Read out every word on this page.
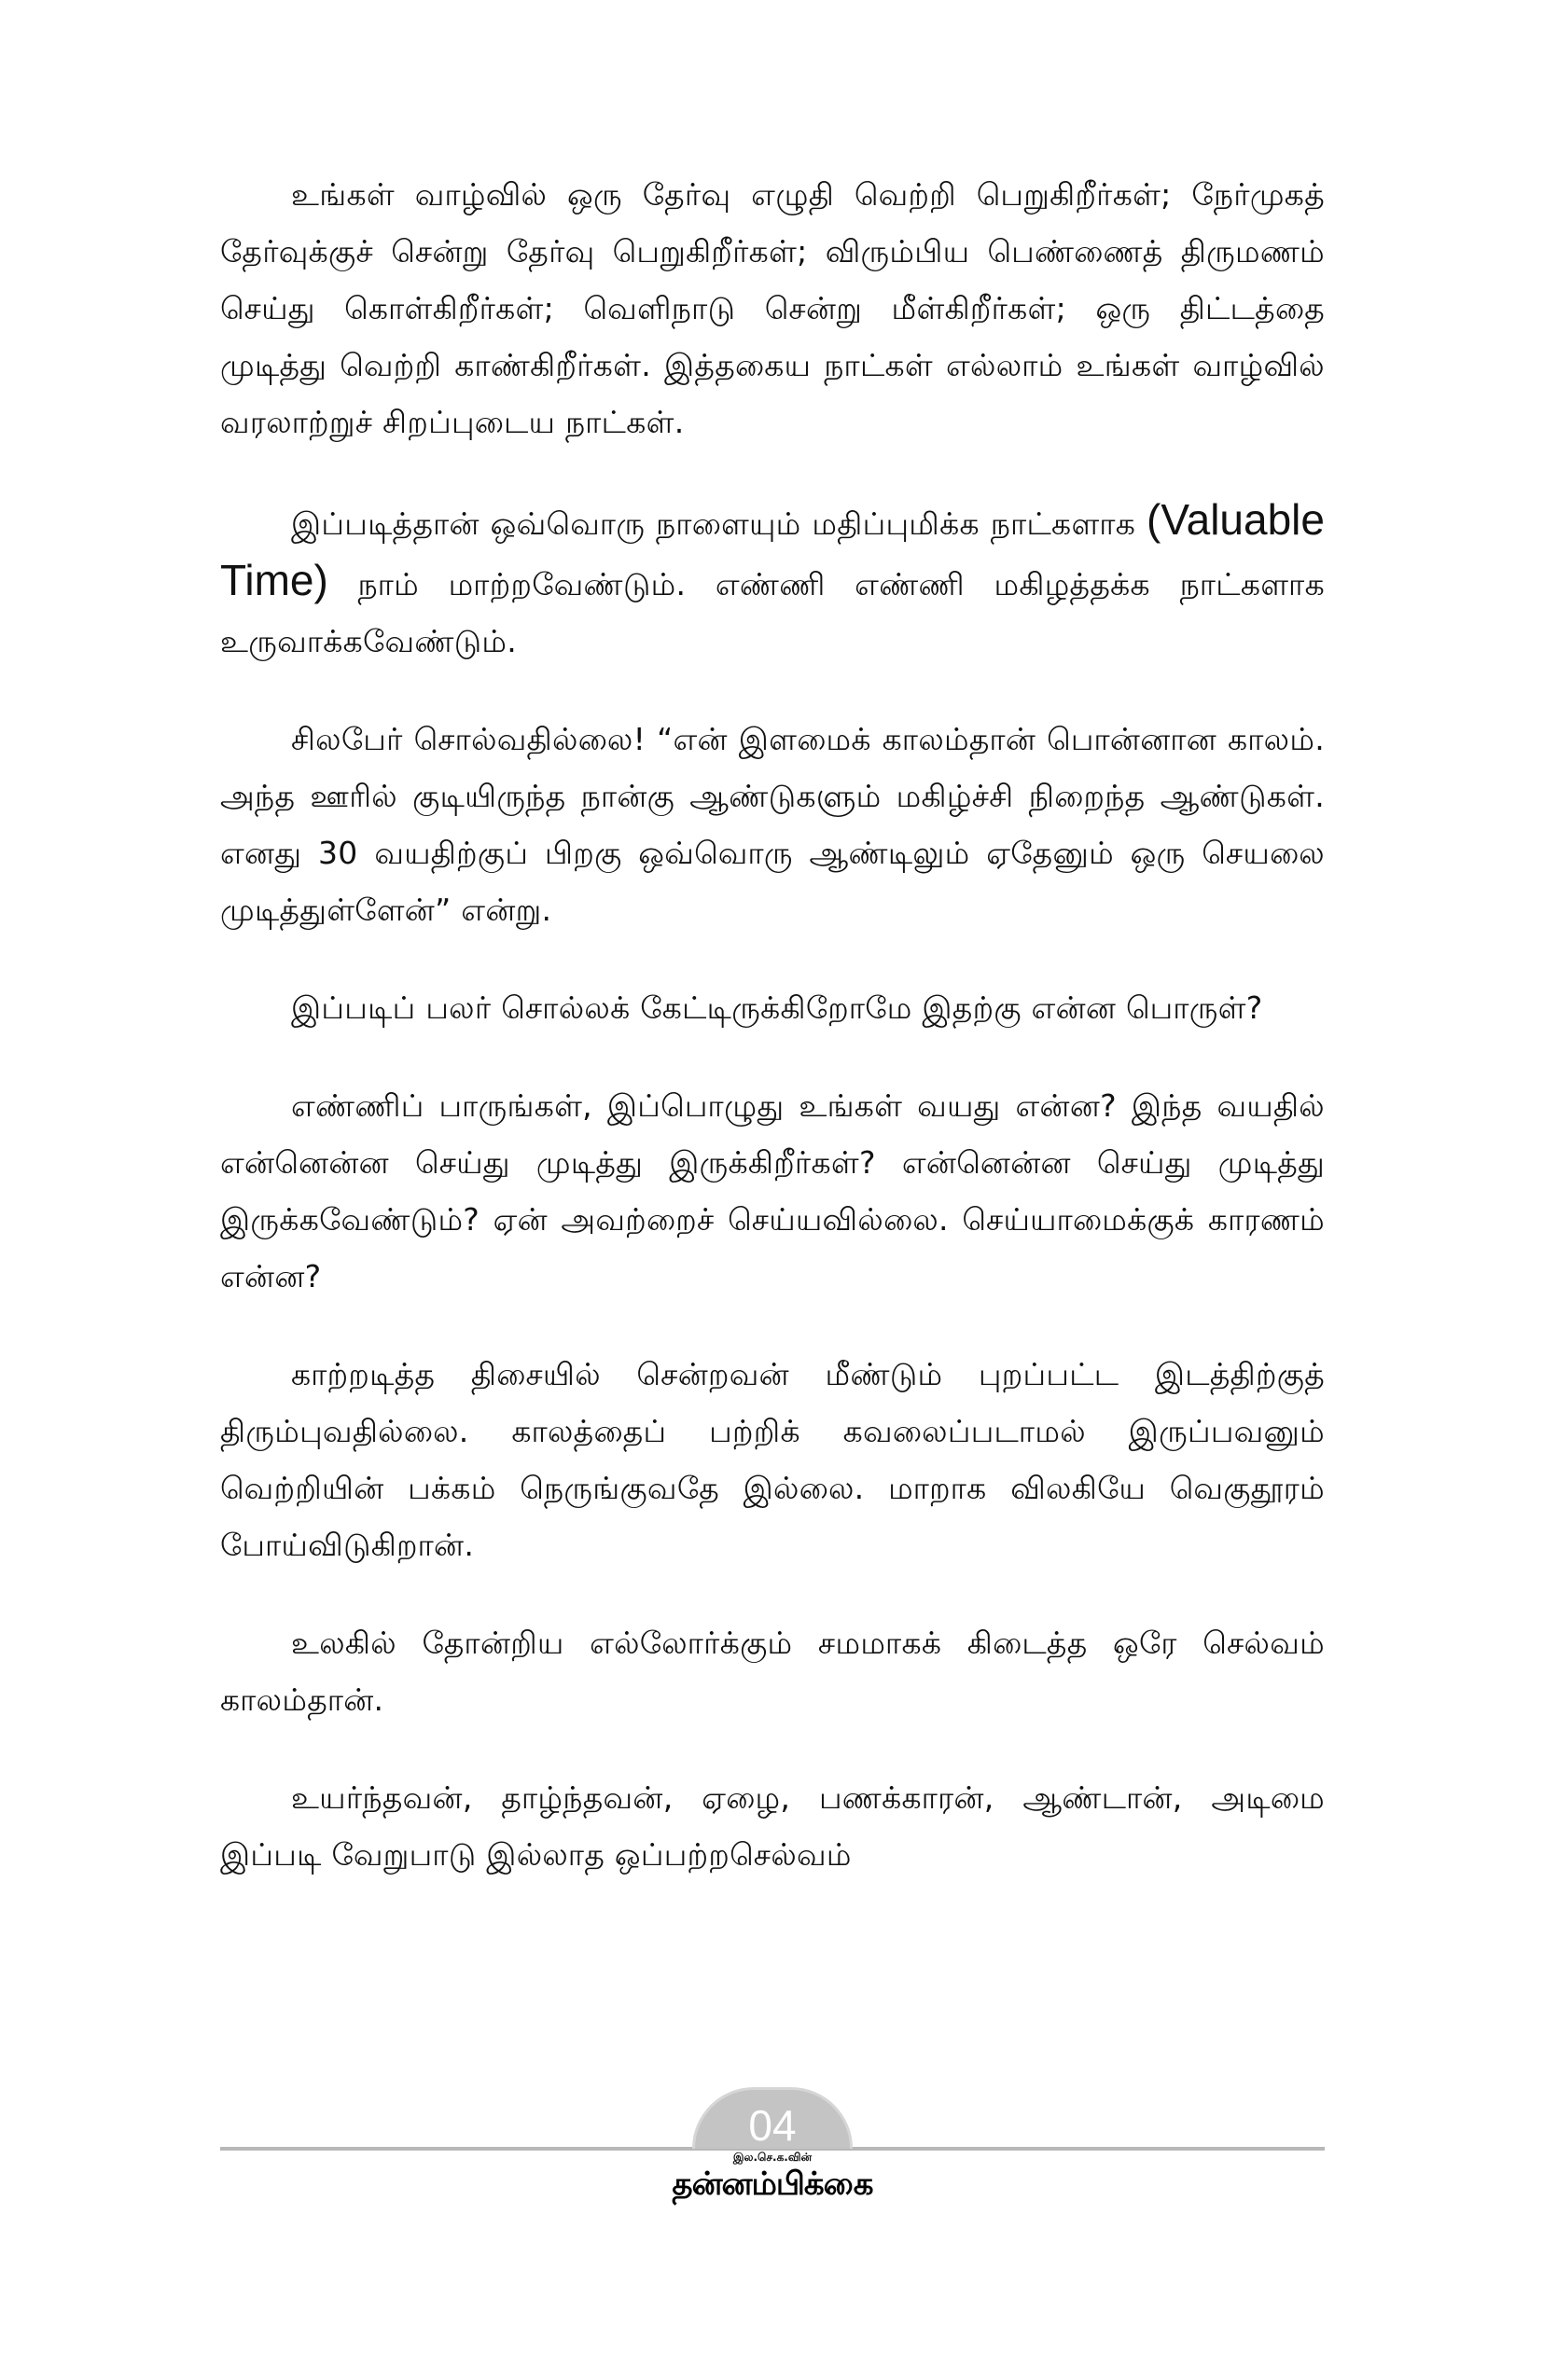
உங்கள் வாழ்வில் ஒரு தேர்வு எழுதி வெற்றி பெறுகிறீர்கள்; நேர்முகத் தேர்வுக்குச் சென்று தேர்வு பெறுகிறீர்கள்; விரும்பிய பெண்ணைத் திருமணம் செய்து கொள்கிறீர்கள்; வெளிநாடு சென்று மீள்கிறீர்கள்; ஒரு திட்டத்தை முடித்து வெற்றி காண்கிறீர்கள். இத்தகைய நாட்கள் எல்லாம் உங்கள் வாழ்வில் வரலாற்றுச் சிறப்புடைய நாட்கள்.

இப்படித்தான் ஒவ்வொரு நாளையும் மதிப்புமிக்க நாட்களாக (Valuable Time) நாம் மாற்றவேண்டும். எண்ணி எண்ணி மகிழத்தக்க நாட்களாக உருவாக்கவேண்டும்.

சிலபேர் சொல்வதில்லை! “என் இளமைக் காலம்தான் பொன்னான காலம். அந்த ஊரில் குடியிருந்த நான்கு ஆண்டுகளும் மகிழ்ச்சி நிறைந்த ஆண்டுகள். எனது 30 வயதிற்குப் பிறகு ஒவ்வொரு ஆண்டிலும் ஏதேனும் ஒரு செயலை முடித்துள்ளேன்” என்று.

இப்படிப் பலர் சொல்லக் கேட்டிருக்கிறோமே இதற்கு என்ன பொருள்?

எண்ணிப் பாருங்கள், இப்பொழுது உங்கள் வயது என்ன? இந்த வயதில் என்னென்ன செய்து முடித்து இருக்கிறீர்கள்? என்னென்ன செய்து முடித்து இருக்கவேண்டும்? ஏன் அவற்றைச் செய்யவில்லை. செய்யாமைக்குக் காரணம் என்ன?

காற்றடித்த திசையில் சென்றவன் மீண்டும் புறப்பட்ட இடத்திற்குத் திரும்புவதில்லை. காலத்தைப் பற்றிக் கவலைப்படாமல் இருப்பவனும் வெற்றியின் பக்கம் நெருங்குவதே இல்லை. மாறாக விலகியே வெகுதூரம் போய்விடுகிறான்.

உலகில் தோன்றிய எல்லோர்க்கும் சமமாகக் கிடைத்த ஒரே செல்வம் காலம்தான்.

உயர்ந்தவன், தாழ்ந்தவன், ஏழை, பணக்காரன், ஆண்டான், அடிமை இப்படி வேறுபாடு இல்லாத ஒப்பற்றசெல்வம்

04
இல.செ.க.வின்
தன்னம்பிக்கை
